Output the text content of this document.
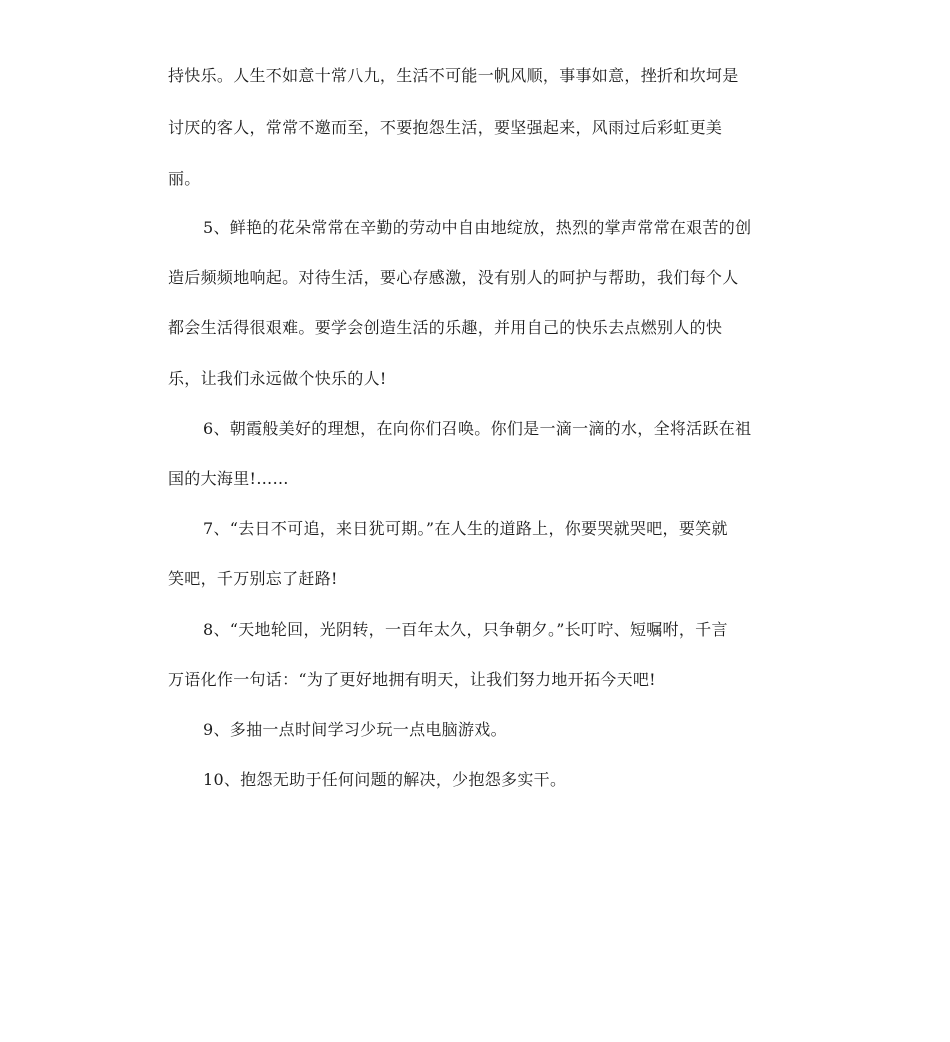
持快乐。人生不如意十常八九，生活不可能一帆风顺，事事如意，挫折和坎坷是
讨厌的客人，常常不邀而至，不要抱怨生活，要坚强起来，风雨过后彩虹更美
丽。
5、鲜艳的花朵常常在辛勤的劳动中自由地绽放，热烈的掌声常常在艰苦的创
造后频频地响起。对待生活，要心存感激，没有别人的呵护与帮助，我们每个人
都会生活得很艰难。要学会创造生活的乐趣，并用自己的快乐去点燃别人的快
乐，让我们永远做个快乐的人!
6、朝霞般美好的理想，在向你们召唤。你们是一滴一滴的水，全将活跃在祖
国的大海里!……
7、“去日不可追，来日犹可期。”在人生的道路上，你要哭就哭吧，要笑就
笑吧，千万别忘了赶路!
8、“天地轮回，光阴转，一百年太久，只争朝夕。”长叮咛、短嘱咐，千言
万语化作一句话：“为了更好地拥有明天，让我们努力地开拓今天吧!
9、多抽一点时间学习少玩一点电脑游戏。
10、抱怨无助于任何问题的解决，少抱怨多实干。
